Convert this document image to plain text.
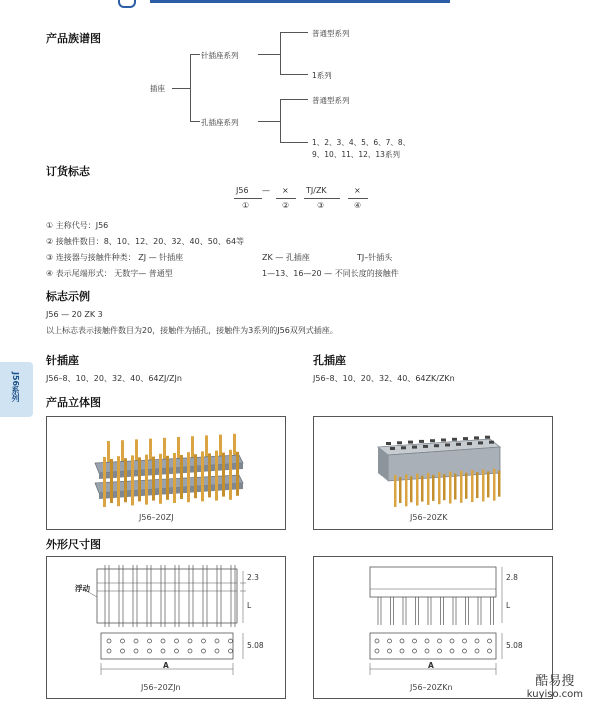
产品族谱图
插座
针插座系列
孔插座系列
普通型系列
1系列
普通型系列
1、2、3、4、5、6、7、8、
9、10、11、12、13系列
订货标志
J56 — × TJ/ZK	×
①	②	③	④
① 主称代号：J56
② 接触件数目：8、10、12、20、32、40、50、64等
③ 连接器与接触件种类： ZJ — 针插座	ZK — 孔插座	TJ–针插头
④ 表示尾端形式： 无数字— 普通型	1—13、16—20 — 不同长度的接触件
标志示例
J56 — 20 ZK 3
以上标志表示接触件数目为20，接触件为插孔，接触件为3系列的J56双列式插座。
J56系列
针插座
J56–8、10、20、32、40、64ZJ/ZJn
孔插座
J56–8、10、20、32、40、64ZK/ZKn
产品立体图
J56–20ZJ	J56–20ZK
外形尺寸图
浮动
2.3
L
5.08
A
J56–20ZJn
2.8
L
5.08
A
J56–20ZKn	酷易搜
kuyiso.com
